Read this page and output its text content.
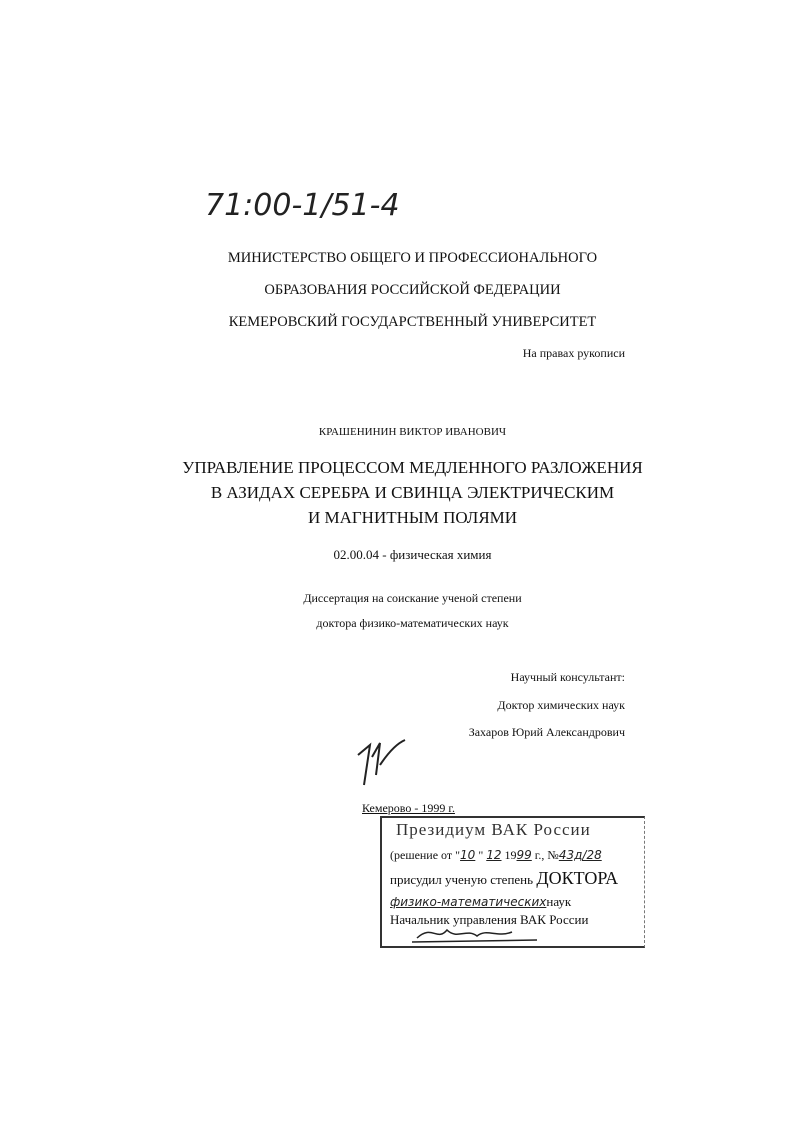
71:00-1/51-4
МИНИСТЕРСТВО ОБЩЕГО И ПРОФЕССИОНАЛЬНОГО
ОБРАЗОВАНИЯ РОССИЙСКОЙ ФЕДЕРАЦИИ
КЕМЕРОВСКИЙ ГОСУДАРСТВЕННЫЙ УНИВЕРСИТЕТ
На правах рукописи
КРАШЕНИНИН ВИКТОР ИВАНОВИЧ
УПРАВЛЕНИЕ ПРОЦЕССОМ МЕДЛЕННОГО РАЗЛОЖЕНИЯ
В АЗИДАХ СЕРЕБРА И СВИНЦА ЭЛЕКТРИЧЕСКИМ
И МАГНИТНЫМ ПОЛЯМИ
02.00.04 - физическая химия
Диссертация на соискание ученой степени
доктора физико-математических наук
Научный консультант:
Доктор химических наук
Захаров Юрий Александрович
Кемерово - 1999 г.
Президиум ВАК России
(решение от "10 " 12 1999 г., №43д/28
присудил ученую степень ДОКТОРА
физико-математическихнаук
Начальник управления ВАК России
